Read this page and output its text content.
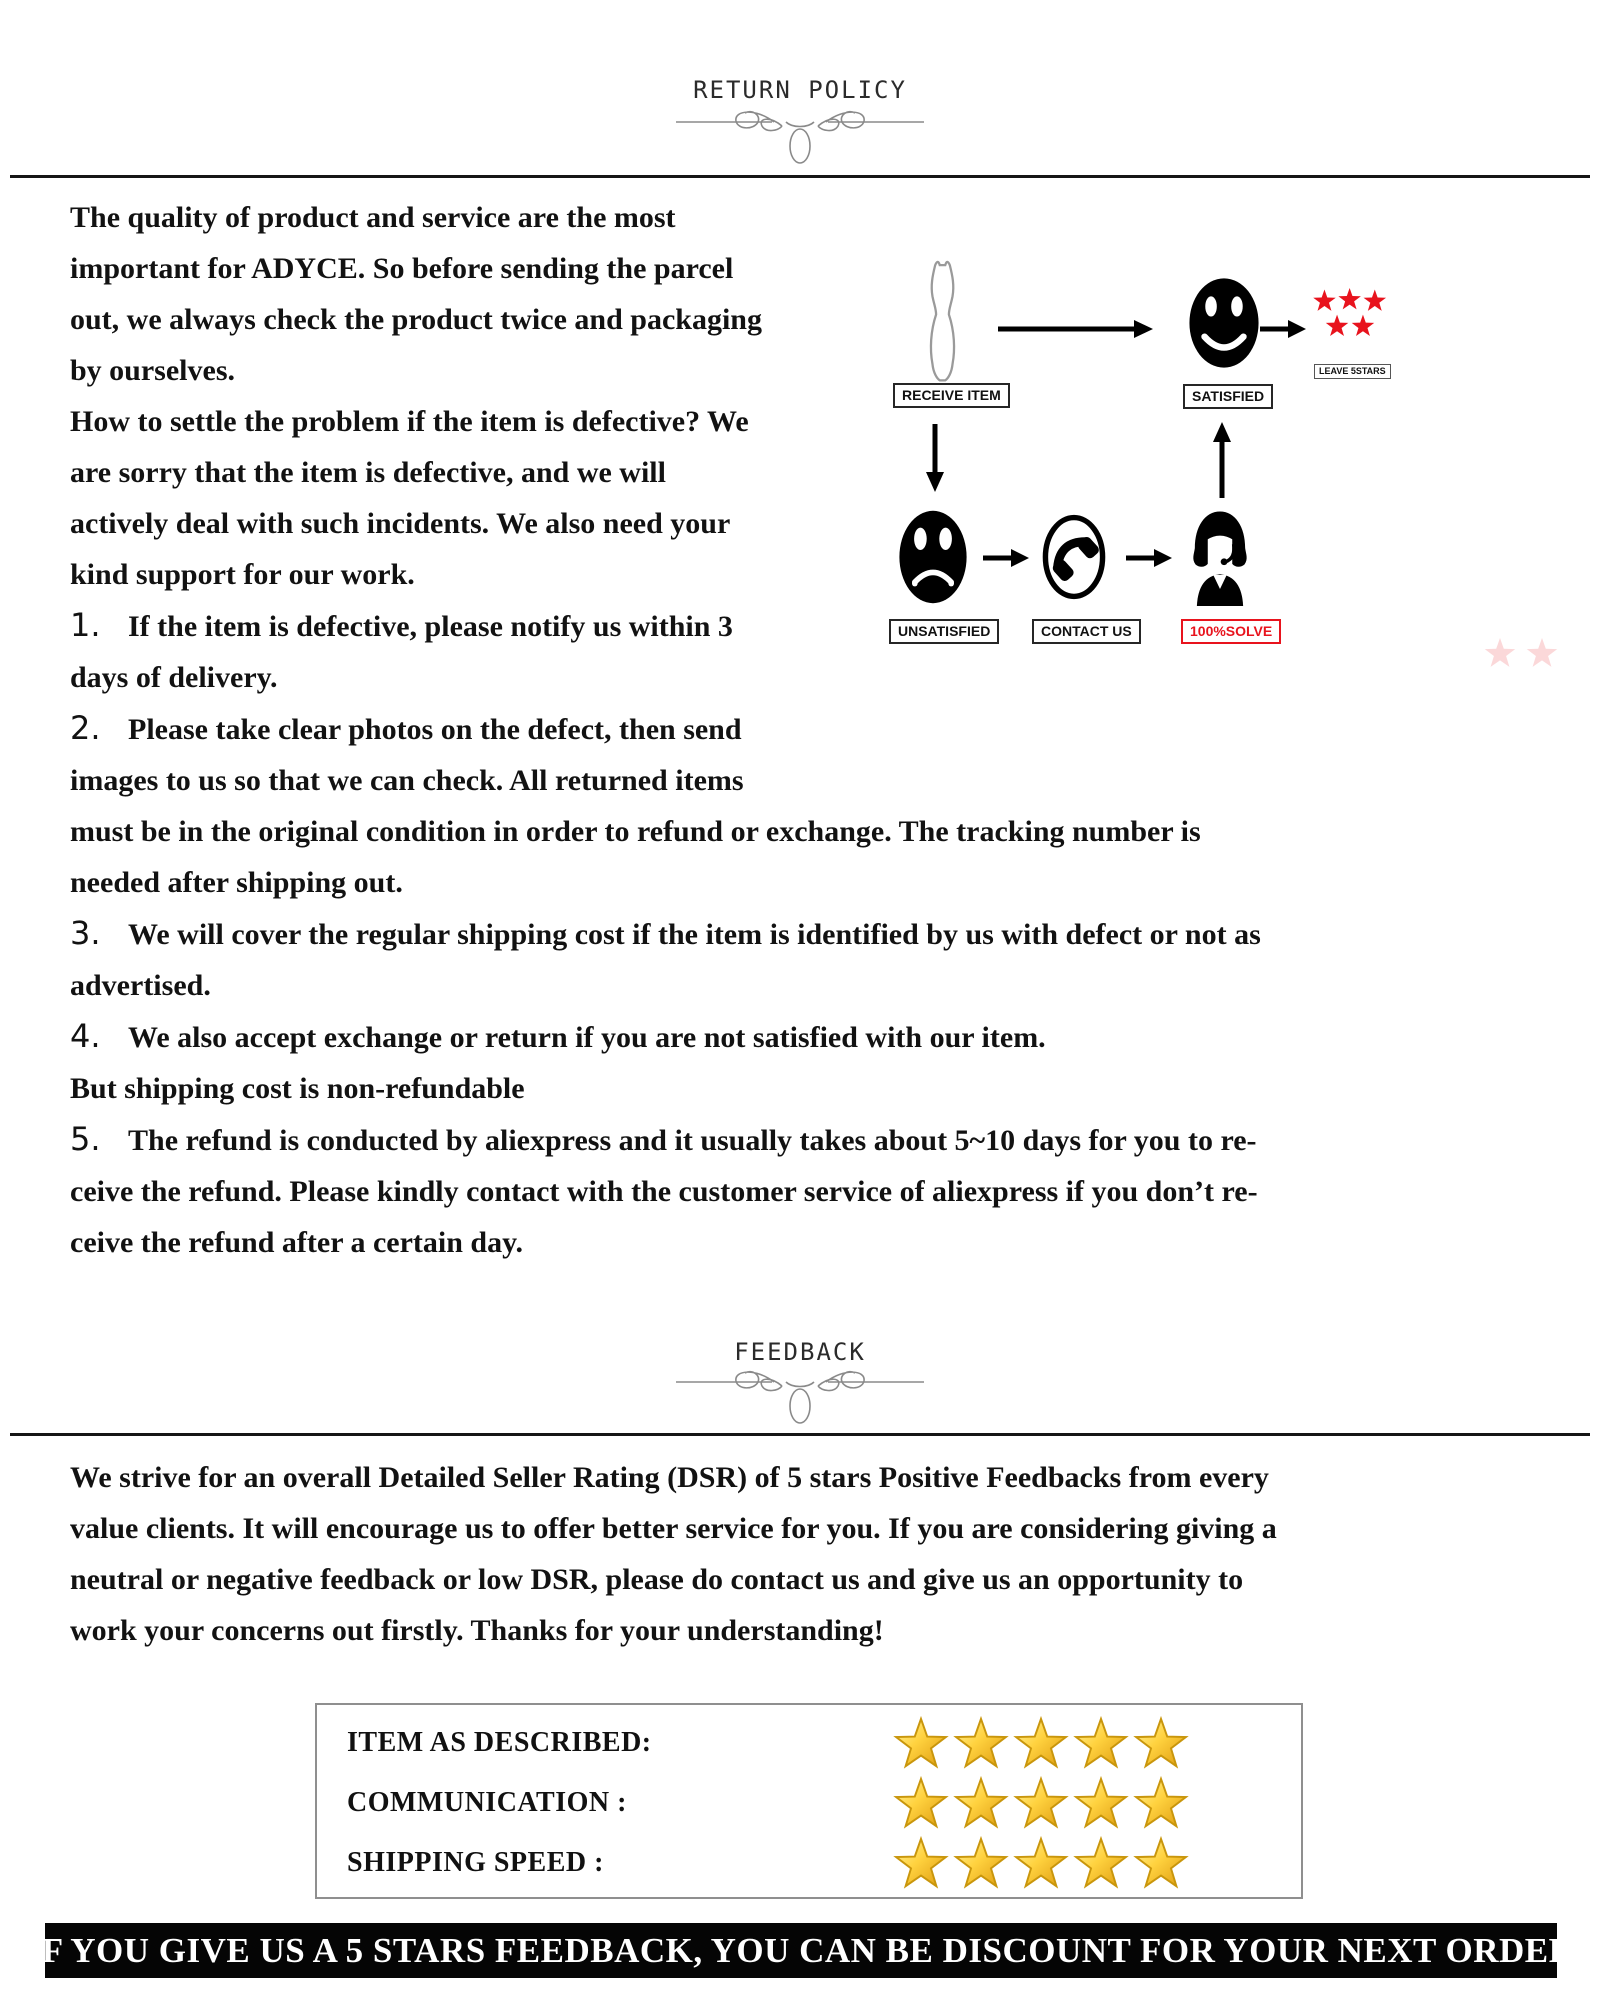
RETURN POLICY
The quality of product and service are the most
important for ADYCE. So before sending the parcel
out, we always check the product twice and packaging
by ourselves.
How to settle the problem if the item is defective? We
are sorry that the item is defective, and we will
actively deal with such incidents. We also need your
kind support for our work.
1. If the item is defective, please notify us within 3
days of delivery.
2. Please take clear photos on the defect, then send
images to us so that we can check. All returned items
must be in the original condition in order to refund or exchange. The tracking number is
needed after shipping out.
3. We will cover the regular shipping cost if the item is identified by us with defect or not as
advertised.
4. We also accept exchange or return if you are not satisfied with our item.
But shipping cost is non-refundable
5. The refund is conducted by aliexpress and it usually takes about 5~10 days for you to re-
ceive the refund. Please kindly contact with the customer service of aliexpress if you don’t re-
ceive the refund after a certain day.
RECEIVE ITEM	SATISFIED
LEAVE 5STARS
UNSATISFIED	CONTACT US	100%SOLVE
FEEDBACK
We strive for an overall Detailed Seller Rating (DSR) of 5 stars Positive Feedbacks from every
value clients. It will encourage us to offer better service for you. If you are considering giving a
neutral or negative feedback or low DSR, please do contact us and give us an opportunity to
work your concerns out firstly. Thanks for your understanding!
ITEM AS DESCRIBED:
COMMUNICATION :
SHIPPING SPEED :
IF YOU GIVE US A 5 STARS FEEDBACK, YOU CAN BE DISCOUNT FOR YOUR NEXT ORDER
